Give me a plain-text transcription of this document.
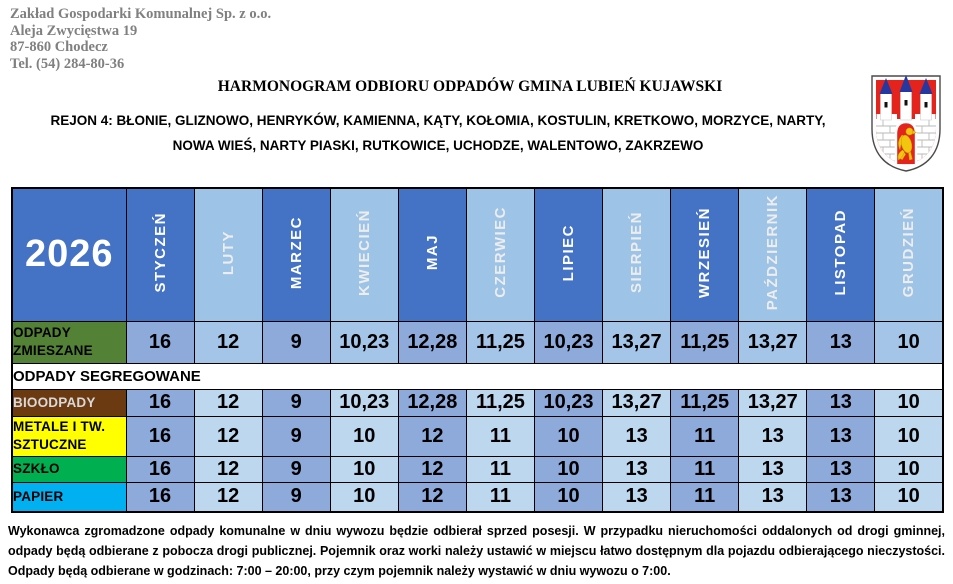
Zakład Gospodarki Komunalnej Sp. z o.o.
Aleja Zwycięstwa 19
87-860 Chodecz
Tel. (54) 284-80-36
HARMONOGRAM ODBIORU ODPADÓW GMINA LUBIEŃ KUJAWSKI
REJON 4: BŁONIE, GLIZNOWO, HENRYKÓW, KAMIENNA, KĄTY, KOŁOMIA, KOSTULIN, KRETKOWO, MORZYCE, NARTY, NOWA WIEŚ, NARTY PIASKI, RUTKOWICE, UCHODZE, WALENTOWO, ZAKRZEWO
2026	STYCZEŃ	LUTY	MARZEC	KWIECIEŃ	MAJ	CZERWIEC	LIPIEC	SIERPIEŃ	WRZESIEŃ	PAŹDZIERNIK	LISTOPAD	GRUDZIEŃ
ODPADY ZMIESZANE	16	12	9	10,23	12,28	11,25	10,23	13,27	11,25	13,27	13	10
ODPADY SEGREGOWANE												
BIOODPADY	16	12	9	10,23	12,28	11,25	10,23	13,27	11,25	13,27	13	10
METALE I TW. SZTUCZNE	16	12	9	10	12	11	10	13	11	13	13	10
SZKŁO	16	12	9	10	12	11	10	13	11	13	13	10
PAPIER	16	12	9	10	12	11	10	13	11	13	13	10
Wykonawca zgromadzone odpady komunalne w dniu wywozu będzie odbierał sprzed posesji. W przypadku nieruchomości oddalonych od drogi gminnej, odpady będą odbierane z pobocza drogi publicznej. Pojemnik oraz worki należy ustawić w miejscu łatwo dostępnym dla pojazdu odbierającego nieczystości. Odpady będą odbierane w godzinach: 7:00 – 20:00, przy czym pojemnik należy wystawić w dniu wywozu o 7:00.
